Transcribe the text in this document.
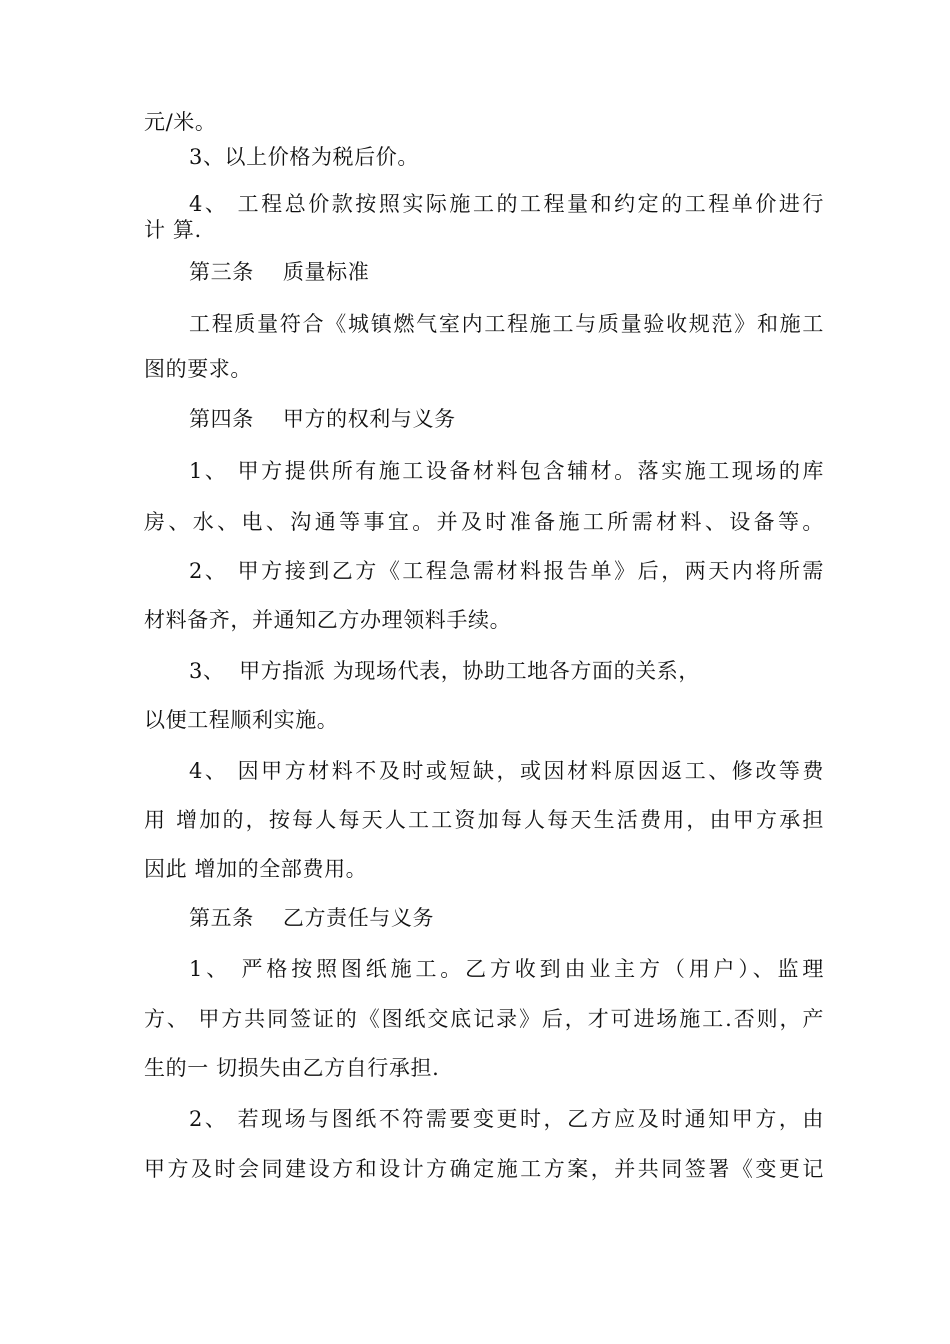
元/米。
3、以上价格为税后价。
4、 工程总价款按照实际施工的工程量和约定的工程单价进行
计 算.
第三条    质量标准
工程质量符合《城镇燃气室内工程施工与质量验收规范》和施工
图的要求。
第四条    甲方的权利与义务
1、 甲方提供所有施工设备材料包含辅材。落实施工现场的库
房、水、电、沟通等事宜。并及时准备施工所需材料、设备等。
2、 甲方接到乙方《工程急需材料报告单》后，两天内将所需
材料备齐，并通知乙方办理领料手续。
3、  甲方指派 为现场代表，协助工地各方面的关系，
以便工程顺利实施。
4、 因甲方材料不及时或短缺，或因材料原因返工、修改等费
用 增加的，按每人每天人工工资加每人每天生活费用，由甲方承担
因此 增加的全部费用。
第五条    乙方责任与义务
1、 严格按照图纸施工。乙方收到由业主方（用户）、监理
方、 甲方共同签证的《图纸交底记录》后，才可进场施工.否则，产
生的一 切损失由乙方自行承担.
2、 若现场与图纸不符需要变更时，乙方应及时通知甲方，由
甲方及时会同建设方和设计方确定施工方案，并共同签署《变更记
